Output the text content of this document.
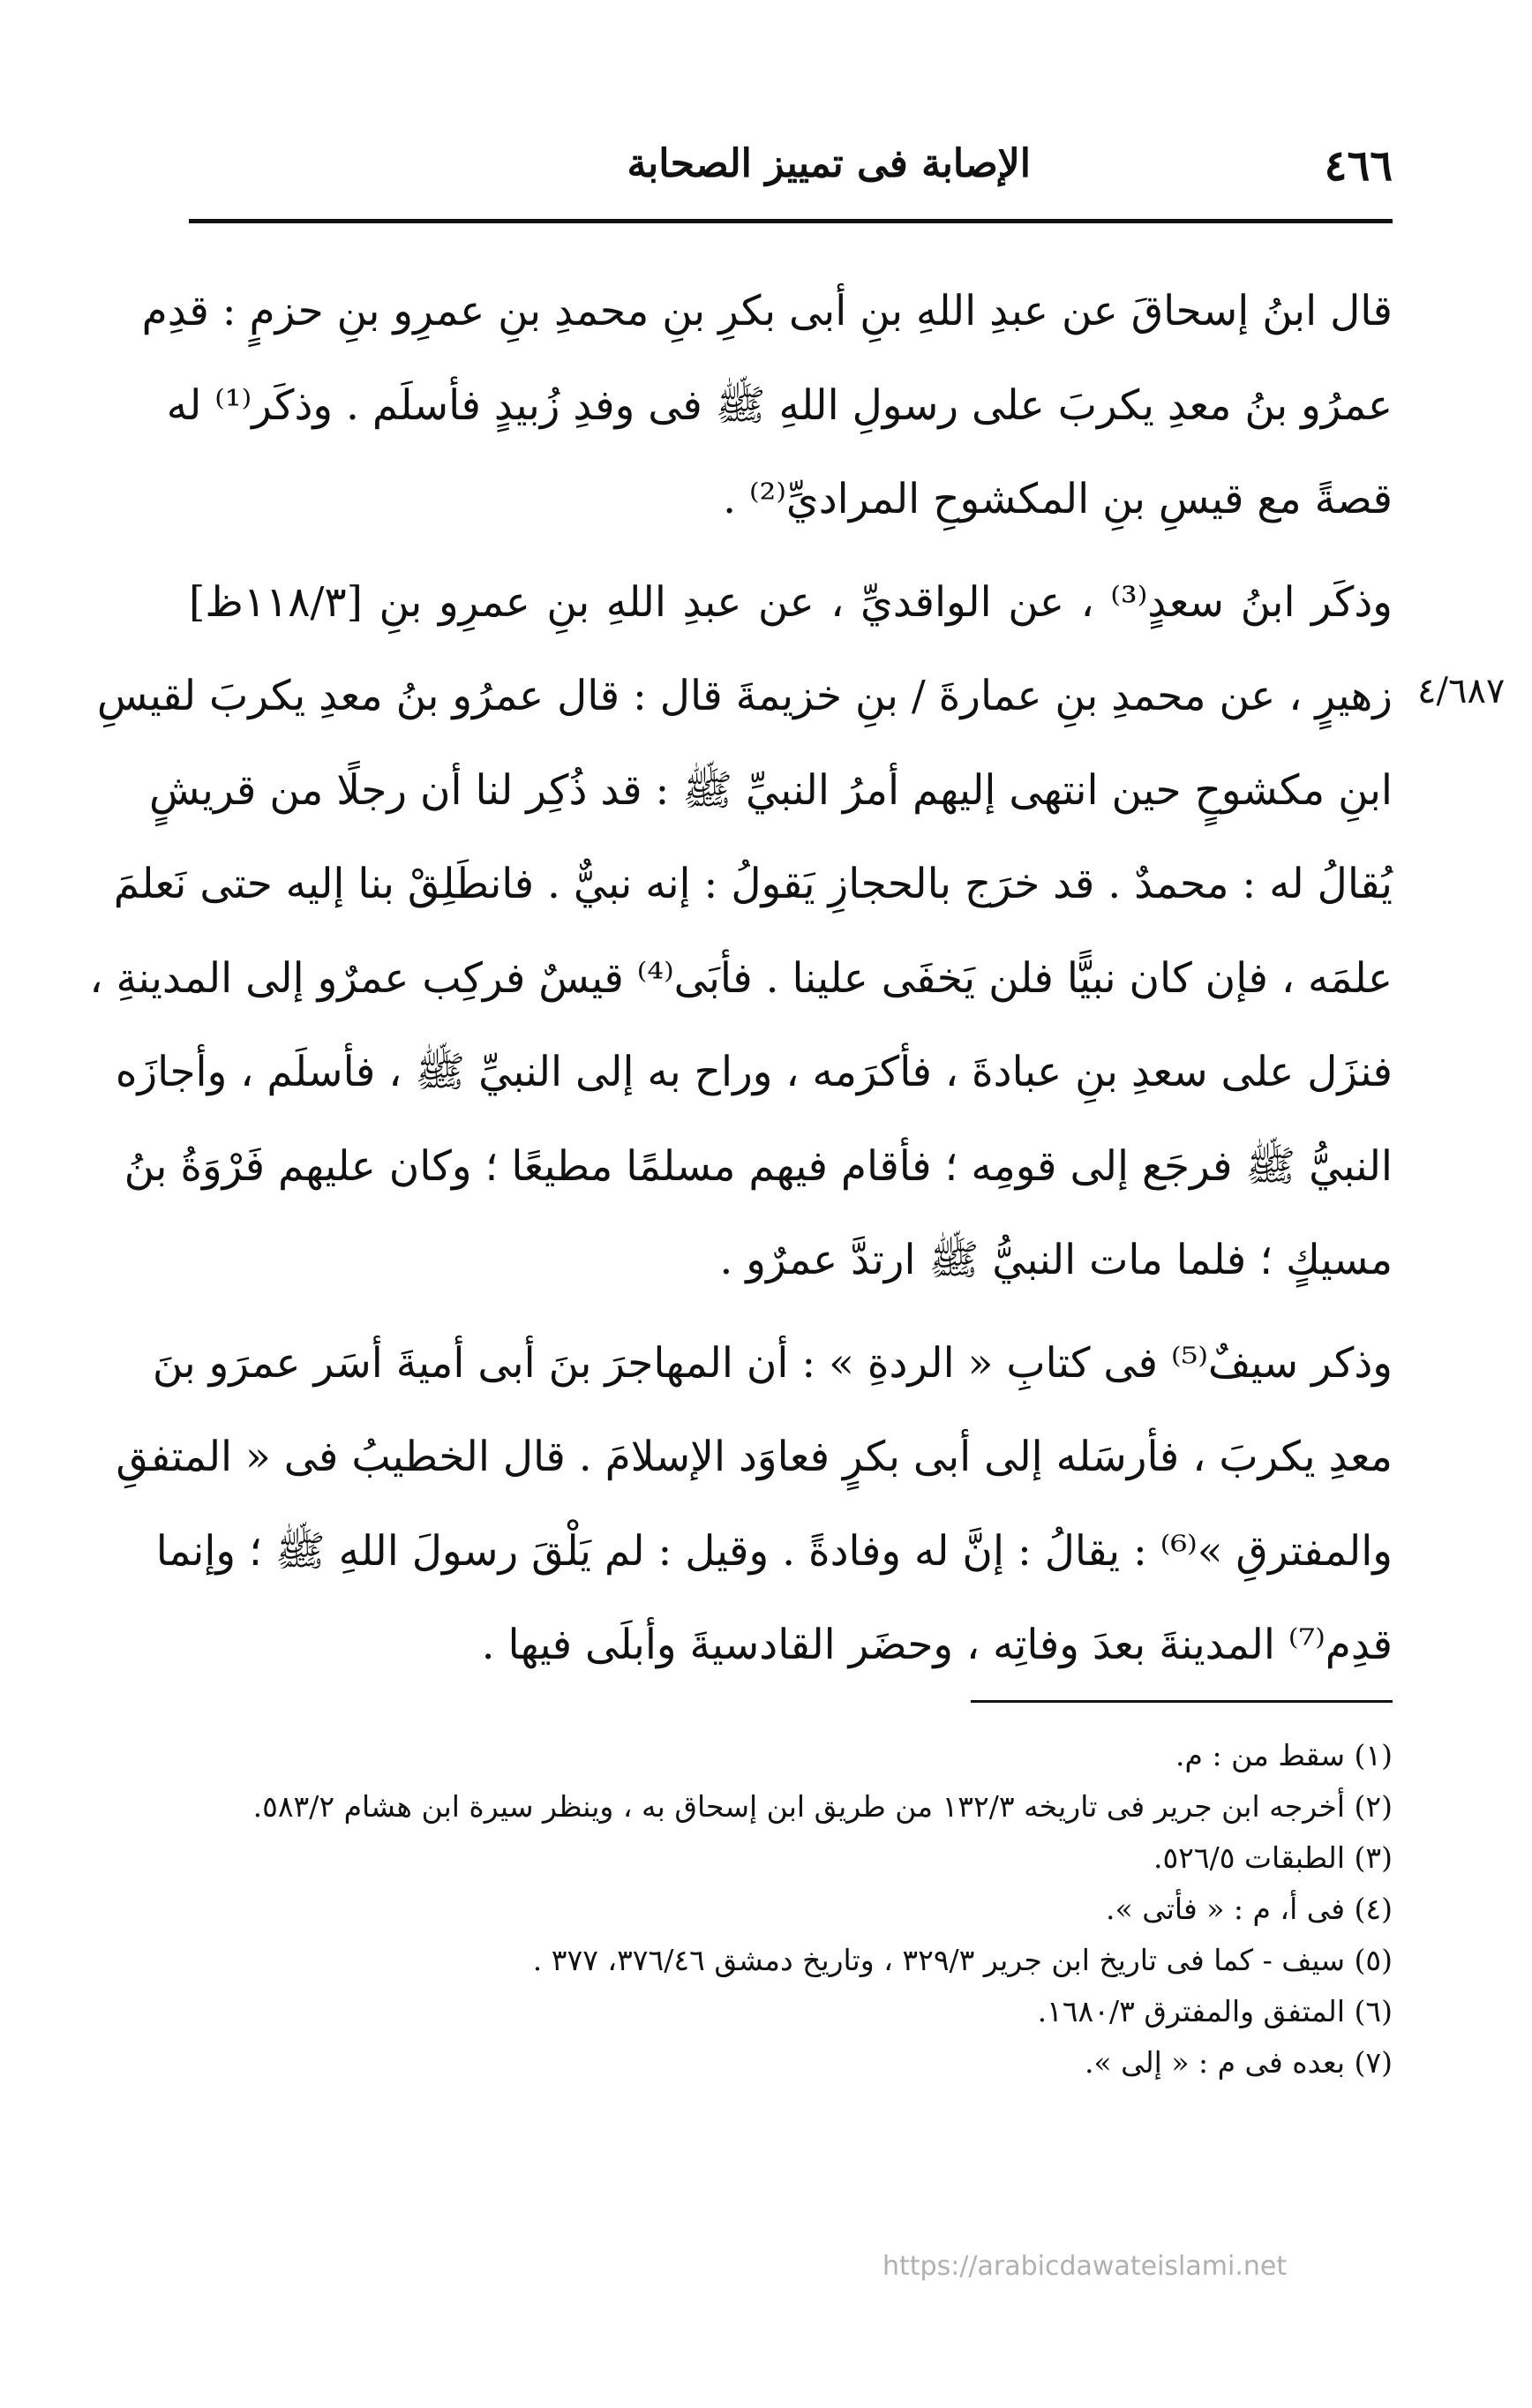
٤٦٦
الإصابة فى تمييز الصحابة
٤/٦٨٧
قال ابنُ إسحاقَ عن عبدِ اللهِ بنِ أبى بكرِ بنِ محمدِ بنِ عمرِو بنِ حزمٍ : قدِم
عمرُو بنُ معدِ يكربَ على رسولِ اللهِ ﷺ فى وفدِ زُبيدٍ فأسلَم . وذكَر⁽¹⁾ له
قصةً مع قيسِ بنِ المكشوحِ المراديِّ⁽²⁾ .
وذكَر ابنُ سعدٍ⁽³⁾ ، عن الواقديِّ ، عن عبدِ اللهِ بنِ عمرِو بنِ [١١٨/٣ظ]
زهيرٍ ، عن محمدِ بنِ عمارةَ / بنِ خزيمةَ قال : قال عمرُو بنُ معدِ يكربَ لقيسِ
ابنِ مكشوحٍ حين انتهى إليهم أمرُ النبيِّ ﷺ : قد ذُكِر لنا أن رجلًا من قريشٍ
يُقالُ له : محمدٌ . قد خرَج بالحجازِ يَقولُ : إنه نبيٌّ . فانطَلِقْ بنا إليه حتى نَعلمَ
علمَه ، فإن كان نبيًّا فلن يَخفَى علينا . فأبَى⁽⁴⁾ قيسٌ فركِب عمرٌو إلى المدينةِ ،
فنزَل على سعدِ بنِ عبادةَ ، فأكرَمه ، وراح به إلى النبيِّ ﷺ ، فأسلَم ، وأجازَه
النبيُّ ﷺ فرجَع إلى قومِه ؛ فأقام فيهم مسلمًا مطيعًا ؛ وكان عليهم فَرْوَةُ بنُ
مسيكٍ ؛ فلما مات النبيُّ ﷺ ارتدَّ عمرٌو .
وذكر سيفٌ⁽⁵⁾ فى كتابِ « الردةِ » : أن المهاجرَ بنَ أبى أميةَ أسَر عمرَو بنَ
معدِ يكربَ ، فأرسَله إلى أبى بكرٍ فعاوَد الإسلامَ . قال الخطيبُ فى « المتفقِ
والمفترقِ »⁽⁶⁾ : يقالُ : إنَّ له وفادةً . وقيل : لم يَلْقَ رسولَ اللهِ ﷺ ؛ وإنما
قدِم⁽⁷⁾ المدينةَ بعدَ وفاتِه ، وحضَر القادسيةَ وأبلَى فيها .
(١) سقط من : م.
(٢) أخرجه ابن جرير فى تاريخه ١٣٢/٣ من طريق ابن إسحاق به ، وينظر سيرة ابن هشام ٥٨٣/٢.
(٣) الطبقات ٥٢٦/٥.
(٤) فى أ، م : « فأتى ».
(٥) سيف - كما فى تاريخ ابن جرير ٣٢٩/٣ ، وتاريخ دمشق ٣٧٦/٤٦، ٣٧٧ .
(٦) المتفق والمفترق ١٦٨٠/٣.
(٧) بعده فى م : « إلى ».
https://arabicdawateislami.net
